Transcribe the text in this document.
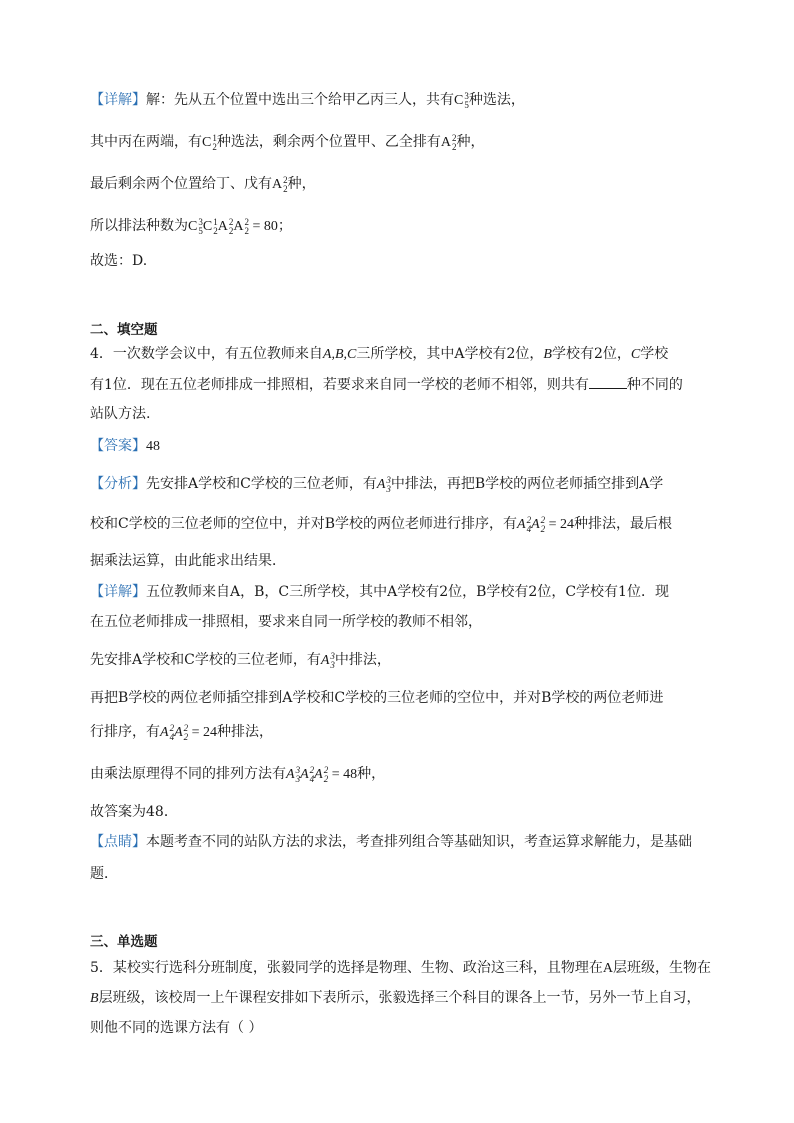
【详解】解：先从五个位置中选出三个给甲乙丙三人，共有C 3
5 种选法，
其中丙在两端，有C 1
2 种选法，剩余两个位置甲、乙全排有A 2
2 种，
最后剩余两个位置给丁、戊有A 2
2 种，
所以排法种数为C 3
5 C 1
2 A 2
2 A 2
2 = 80；
故选：D.
二、填空题
4．一次数学会议中，有五位教师来自A,B,C三所学校，其中A学校有2位，B学校有2位，C学校
有1位．现在五位老师排成一排照相，若要求来自同一学校的老师不相邻，则共有	种不同的
站队方法.
【答案】48
【分析】先安排A学校和C学校的三位老师，有A 3
3 中排法，再把B学校的两位老师插空排到A学
校和C学校的三位老师的空位中，并对B学校的两位老师进行排序，有A 2
4 A 2
2 = 24种排法，最后根
据乘法运算，由此能求出结果．
【详解】五位教师来自A，B，C三所学校，其中A学校有2位，B学校有2位，C学校有1位．现
在五位老师排成一排照相，要求来自同一所学校的教师不相邻，
先安排A学校和C学校的三位老师，有A 3
3 中排法，
再把B学校的两位老师插空排到A学校和C学校的三位老师的空位中，并对B学校的两位老师进
行排序，有A 2
4 A 2
2 = 24种排法，
由乘法原理得不同的排列方法有A 3
3 A 2
4 A 2
2 = 48种，
故答案为48．
【点睛】本题考查不同的站队方法的求法，考查排列组合等基础知识，考查运算求解能力，是基础
题．
三、单选题
5．某校实行选科分班制度，张毅同学的选择是物理、生物、政治这三科，且物理在A层班级，生物在
B层班级，该校周一上午课程安排如下表所示，张毅选择三个科目的课各上一节，另外一节上自习，
则他不同的选课方法有（ ）
